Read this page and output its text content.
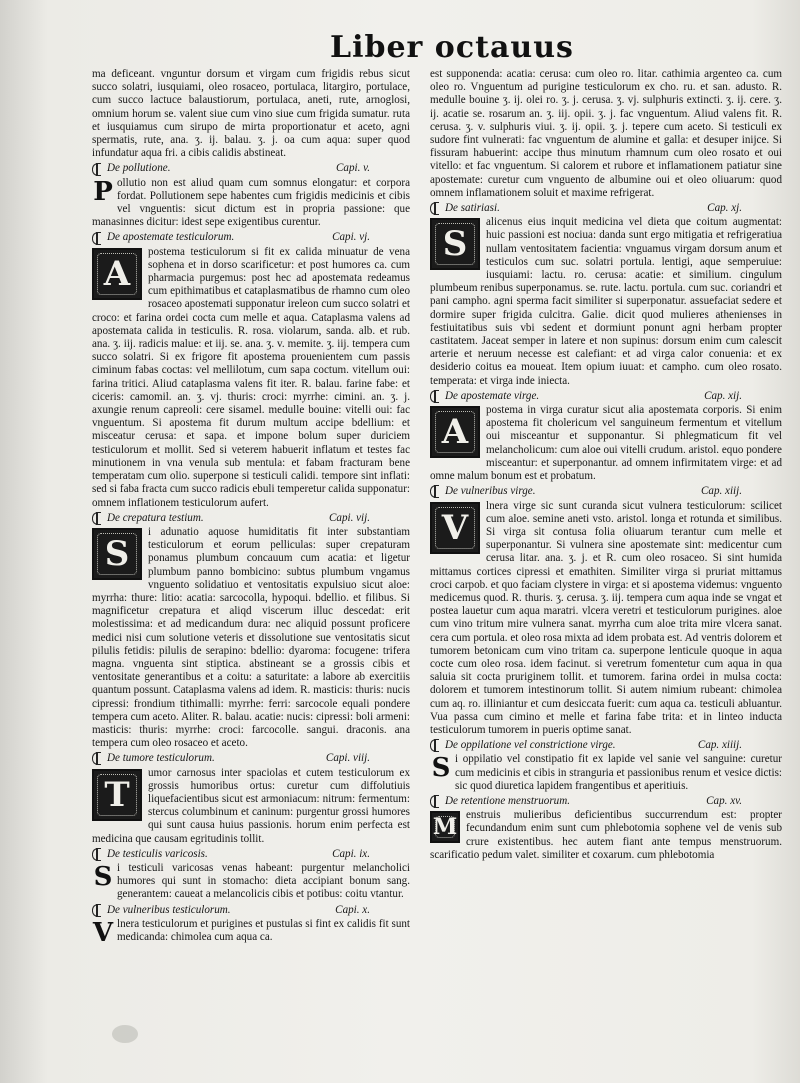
Liber octauus

ma deficeant. vnguntur dorsum et virgam cum frigidis rebus sicut succo solatri, iusquiami, oleo rosaceo, portulaca, litargiro, portulace, cum succo lactuce balaustiorum, portulaca, aneti, rute, arnoglosi, omnium horum se. valent siue cum vino siue cum frigida sumatur. ruta et iusquiamus cum sirupo de mirta proportionatur et aceto, agni spermatis, rute, ana. ʒ. ij. balau. ʒ. j. oa cum aqua: super quod infundatur aqua fri. a cibis calidis abstineat.

De pollutione.	Capi. v.
P ollutio non est aliud quam cum somnus elongatur: et corpora fordat. Pollutionem sepe habentes cum frigidis medicinis et cibis vel vnguentis: sicut dictum est in propria passione: que manasinnes dicitur: idest sepe exigentibus curentur.

De apostemate testiculorum.	Capi. vj.
A

postema testiculorum si fit ex calida minuatur de vena sophena et in dorso scarificetur: et post humores ca. cum pharmacia purgemus: post hec ad apostemata redeamus cum epithimatibus et cataplasmatibus de rhamno cum oleo rosaceo apostemati supponatur ireleon cum succo solatri et croco: et farina ordei cocta cum melle et aqua. Cataplasma valens ad apostemata calida in testiculis. R. rosa. violarum, sanda. alb. et rub. ana. ʒ. iij. radicis malue: et iij. se. ana. ʒ. v. memite. ʒ. iij. tempera cum succo solatri. Si ex frigore fit apostema prouenientem cum passis ciminum fabas coctas: vel mellilotum, cum sapa coctum. vitellum oui: farina tritici. Aliud cataplasma valens fit iter. R. balau. farine fabe: et ciceris: camomil. an. ʒ. vj. thuris: croci: myrrhe: cimini. an. ʒ. j. axungie renum capreoli: cere sisamel. medulle bouine: vitelli oui: fac vnguentum. Si apostema fit durum multum accipe bdellium: et misceatur cerusa: et sapa. et impone bolum super duriciem testiculorum et mollit. Sed si veterem habuerit inflatum et testes fac minutionem in vna venula sub mentula: et fabam fracturam bene temperatam cum olio. superpone si testiculi calidi. tempore sint inflati: sed si faba fracta cum succo radicis ebuli temperetur calida supponatur: omnem inflationem testiculorum aufert.

De crepatura testium.	Capi. vij.
S

i adunatio aquose humiditatis fit inter substantiam testiculorum et eorum pelliculas: super crepaturam ponamus plumbum concauum cum acatia: et ligetur plumbum panno bombicino: subtus plumbum vngamus vnguento solidatiuo et ventositatis expulsiuo sicut aloe: myrrha: thure: litio: acatia: sarcocolla, hypoqui. bdellio. et filibus. Si magnificetur crepatura et aliqd viscerum illuc descedat: erit molestissima: et ad medicandum dura: nec aliquid possunt proficere medici nisi cum solutione veteris et dissolutione sue ventositatis sicut pilulis fetidis: pilulis de serapino: bdellio: dyaroma: focugene: trifera magna. vnguenta sint stiptica. abstineant se a grossis cibis et ventositate generantibus et a coitu: a saturitate: a labore ab exercitiis quantum possunt. Cataplasma valens ad idem. R. masticis: thuris: nucis cipressi: frondium tithimalli: myrrhe: ferri: sarcocole equali pondere tempera cum aceto. Aliter. R. balau. acatie: nucis: cipressi: boli armeni: masticis: thuris: myrrhe: croci: farcocolle. sangui. draconis. ana tempera cum oleo rosaceo et aceto.

De tumore testiculorum.	Capi. viij.
T

umor carnosus inter spaciolas et cutem testiculorum ex grossis humoribus ortus: curetur cum diffolutiuis liquefacientibus sicut est armoniacum: nitrum: fermentum: stercus columbinum et caninum: purgentur grossi humores qui sunt causa huius passionis. horum enim perfecta est medicina que causam egritudinis tollit.

De testiculis varicosis.	Capi. ix.
S i testiculi varicosas venas habeant: purgentur melancholici humores qui sunt in stomacho: dieta accipiant bonum sang. generantem: caueat a melancolicis cibis et potibus: coitu vtantur.

De vulneribus testiculorum.	Capi. x.
V lnera testiculorum et purigines et pustulas si fint ex calidis fit sunt medicanda: chimolea cum aqua ca.

est supponenda: acatia: cerusa: cum oleo ro. litar. cathimia argenteo ca. cum oleo ro. Vnguentum ad purigine testiculorum ex cho. ru. et san. adusto. R. medulle bouine ʒ. ij. olei ro. ʒ. j. cerusa. ʒ. vj. sulphuris extincti. ʒ. ij. cere. ʒ. ij. acatie se. rosarum an. ʒ. iij. opii. ʒ. j. fac vnguentum. Aliud valens fit. R. cerusa. ʒ. v. sulphuris viui. ʒ. ij. opii. ʒ. j. tepere cum aceto. Si testiculi ex sudore fint vulnerati: fac vnguentum de alumine et galla: et desuper inijce. Si fissuram habuerint: accipe thus minutum rhamnum cum oleo rosato et oui vitello: et fac vnguentum. Si calorem et rubore et inflamationem patiatur sine apostemate: curetur cum vnguento de albumine oui et oleo oliuarum: quod omnem inflamationem soluit et maxime refrigerat.

De satiriasi.	Cap. xj.
S

alicenus eius inquit medicina vel dieta que coitum augmentat: huic passioni est nociua: danda sunt ergo mitigatia et refrigeratiua nullam ventositatem facientia: vnguamus virgam dorsum anum et testiculos cum suc. solatri portula. lentigi, aque semperuiue: iusquiami: lactu. ro. cerusa: acatie: et similium. cingulum plumbeum renibus superponamus. se. rute. lactu. portula. cum suc. coriandri et pani campho. agni sperma facit similiter si superponatur. assuefaciat sedere et dormire super frigida culcitra. Galie. dicit quod mulieres athenienses in festiuitatibus suis vbi sedent et dormiunt ponunt agni herbam propter castitatem. Jaceat semper in latere et non supinus: dorsum enim cum calescit arterie et neruum necesse est calefiant: et ad virga calor conuenia: et ex desiderio coitus ea moueat. Item opium iuuat: et campho. cum oleo rosato. temperata: et virga inde iniecta.

De apostemate virge.	Cap. xij.
A

postema in virga curatur sicut alia apostemata corporis. Si enim apostema fit cholericum vel sanguineum fermentum et vitellum oui misceantur et supponantur. Si phlegmaticum fit vel melancholicum: cum aloe oui vitelli crudum. aristol. equo pondere misceantur: et superponantur. ad omnem infirmitatem virge: et ad omne malum bonum est et probatum.

De vulneribus virge.	Cap. xiij.
V

lnera virge sic sunt curanda sicut vulnera testiculorum: scilicet cum aloe. semine aneti vsto. aristol. longa et rotunda et similibus. Si virga sit contusa folia oliuarum terantur cum melle et superponantur. Si vulnera sine apostemate sint: medicentur cum cerusa litar. ana. ʒ. j. et R. cum oleo rosaceo. Si sint humida mittamus cortices cipressi et emathiten. Similiter virga si pruriat mittamus croci carpob. et quo faciam clystere in virga: et si apostema videmus: vnguento medicemus quod. R. thuris. ʒ. cerusa. ʒ. iij. tempera cum aqua inde se vngat et postea lauetur cum aqua maratri. vlcera veretri et testiculorum purigines. aloe cum vino tritum mire vulnera sanat. myrrha cum aloe trita mire vlcera sanat. cera cum portula. et oleo rosa mixta ad idem probata est. Ad ventris dolorem et tumorem betonicam cum vino tritam ca. superpone lenticule quoque in aqua cocte cum oleo rosa. idem facinut. si veretrum fomentetur cum aqua in qua saluia sit cocta pruriginem tollit. et tumorem. farina ordei in mulsa cocta: dolorem et tumorem intestinorum tollit. Si autem nimium rubeant: chimolea cum aq. ro. illiniantur et cum desiccata fuerit: cum aqua ca. testiculi abluantur. Vua passa cum cimino et melle et farina fabe trita: et in linteo inducta testiculorum tumorem in pueris optime sanat.

De oppilatione vel constrictione virge.	Cap. xiiij.
S i oppilatio vel constipatio fit ex lapide vel sanie vel sanguine: curetur cum medicinis et cibis in stranguria et passionibus renum et vesice dictis: sic quod diuretica lapidem frangentibus et aperitiuis.

De retentione menstruorum.	Cap. xv.
M enstruis mulieribus deficientibus succurrendum est: propter fecundandum enim sunt cum phlebotomia sophene vel de venis sub crure existentibus. hec autem fiant ante tempus menstruorum. scarificatio pedum valet. similiter et coxarum. cum phlebotomia
